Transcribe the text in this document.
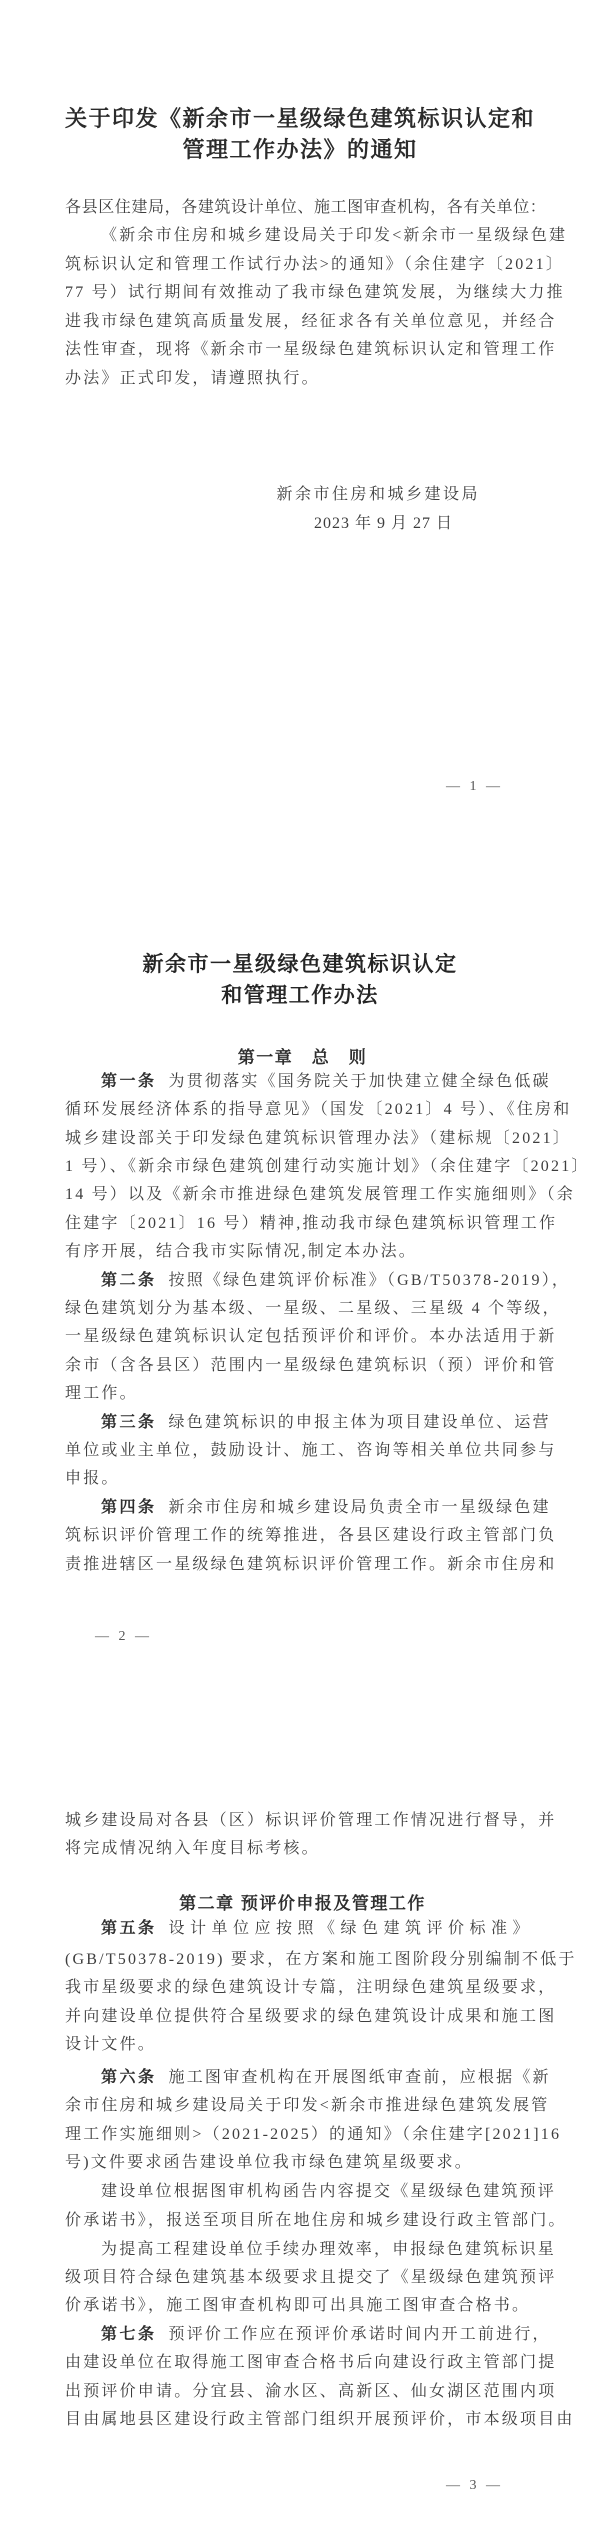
关于印发《新余市一星级绿色建筑标识认定和
管理工作办法》的通知
各县区住建局，各建筑设计单位、施工图审查机构，各有关单位：
《新余市住房和城乡建设局关于印发<新余市一星级绿色建
筑标识认定和管理工作试行办法>的通知》（余住建字〔2021〕
77 号）试行期间有效推动了我市绿色建筑发展，为继续大力推
进我市绿色建筑高质量发展，经征求各有关单位意见，并经合
法性审查，现将《新余市一星级绿色建筑标识认定和管理工作
办法》正式印发，请遵照执行。
新余市住房和城乡建设局
2023 年 9 月 27 日
— 1 —
新余市一星级绿色建筑标识认定
和管理工作办法
第一章　总　则
第一条 为贯彻落实《国务院关于加快建立健全绿色低碳
循环发展经济体系的指导意见》（国发〔2021〕4 号）、《住房和
城乡建设部关于印发绿色建筑标识管理办法》（建标规〔2021〕
1 号）、《新余市绿色建筑创建行动实施计划》（余住建字〔2021〕
14 号）以及《新余市推进绿色建筑发展管理工作实施细则》（余
住建字〔2021〕16 号）精神,推动我市绿色建筑标识管理工作
有序开展，结合我市实际情况,制定本办法。
第二条 按照《绿色建筑评价标准》（GB/T50378-2019），
绿色建筑划分为基本级、一星级、二星级、三星级 4 个等级，
一星级绿色建筑标识认定包括预评价和评价。本办法适用于新
余市（含各县区）范围内一星级绿色建筑标识（预）评价和管
理工作。
第三条 绿色建筑标识的申报主体为项目建设单位、运营
单位或业主单位，鼓励设计、施工、咨询等相关单位共同参与
申报。
第四条 新余市住房和城乡建设局负责全市一星级绿色建
筑标识评价管理工作的统筹推进，各县区建设行政主管部门负
责推进辖区一星级绿色建筑标识评价管理工作。新余市住房和
— 2 —
城乡建设局对各县（区）标识评价管理工作情况进行督导，并
将完成情况纳入年度目标考核。
第二章 预评价申报及管理工作
第五条 设计单位应按照《绿色建筑评价标准》
(GB/T50378-2019) 要求，在方案和施工图阶段分别编制不低于
我市星级要求的绿色建筑设计专篇，注明绿色建筑星级要求，
并向建设单位提供符合星级要求的绿色建筑设计成果和施工图
设计文件。
第六条 施工图审查机构在开展图纸审查前，应根据《新
余市住房和城乡建设局关于印发<新余市推进绿色建筑发展管
理工作实施细则>（2021-2025）的通知》（余住建字[2021]16
号)文件要求函告建设单位我市绿色建筑星级要求。
建设单位根据图审机构函告内容提交《星级绿色建筑预评
价承诺书》，报送至项目所在地住房和城乡建设行政主管部门。
为提高工程建设单位手续办理效率，申报绿色建筑标识星
级项目符合绿色建筑基本级要求且提交了《星级绿色建筑预评
价承诺书》，施工图审查机构即可出具施工图审查合格书。
第七条 预评价工作应在预评价承诺时间内开工前进行，
由建设单位在取得施工图审查合格书后向建设行政主管部门提
出预评价申请。分宜县、渝水区、高新区、仙女湖区范围内项
目由属地县区建设行政主管部门组织开展预评价，市本级项目由
— 3 —
